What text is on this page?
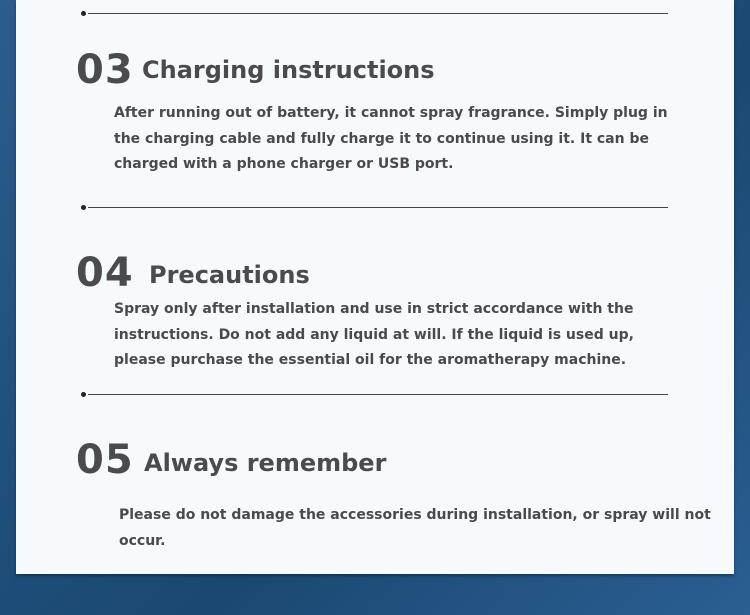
03 Charging instructions
After running out of battery, it cannot spray fragrance. Simply plug in the charging cable and fully charge it to continue using it. It can be charged with a phone charger or USB port.
04 Precautions
Spray only after installation and use in strict accordance with the instructions. Do not add any liquid at will. If the liquid is used up, please purchase the essential oil for the aromatherapy machine.
05 Always remember
Please do not damage the accessories during installation, or spray will not occur.
